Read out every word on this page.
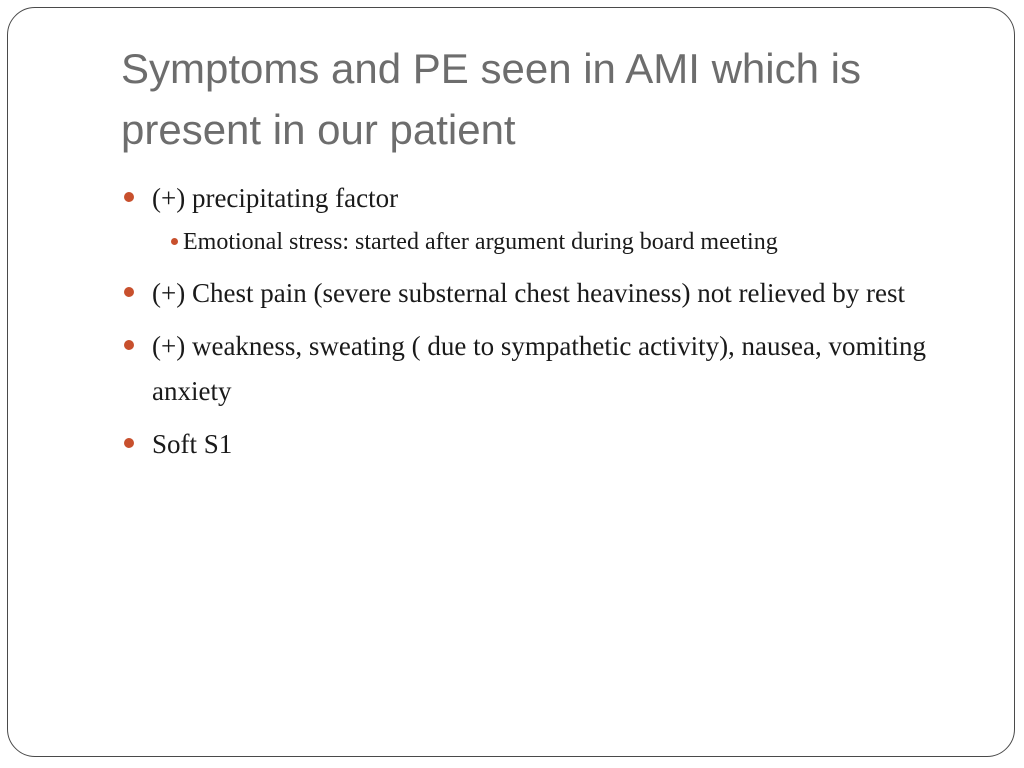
Symptoms and PE seen in AMI which is present in our patient
(+) precipitating factor
Emotional stress: started after argument during board meeting
(+) Chest pain (severe substernal chest heaviness) not relieved by rest
(+) weakness, sweating ( due to sympathetic activity), nausea, vomiting anxiety
Soft S1
